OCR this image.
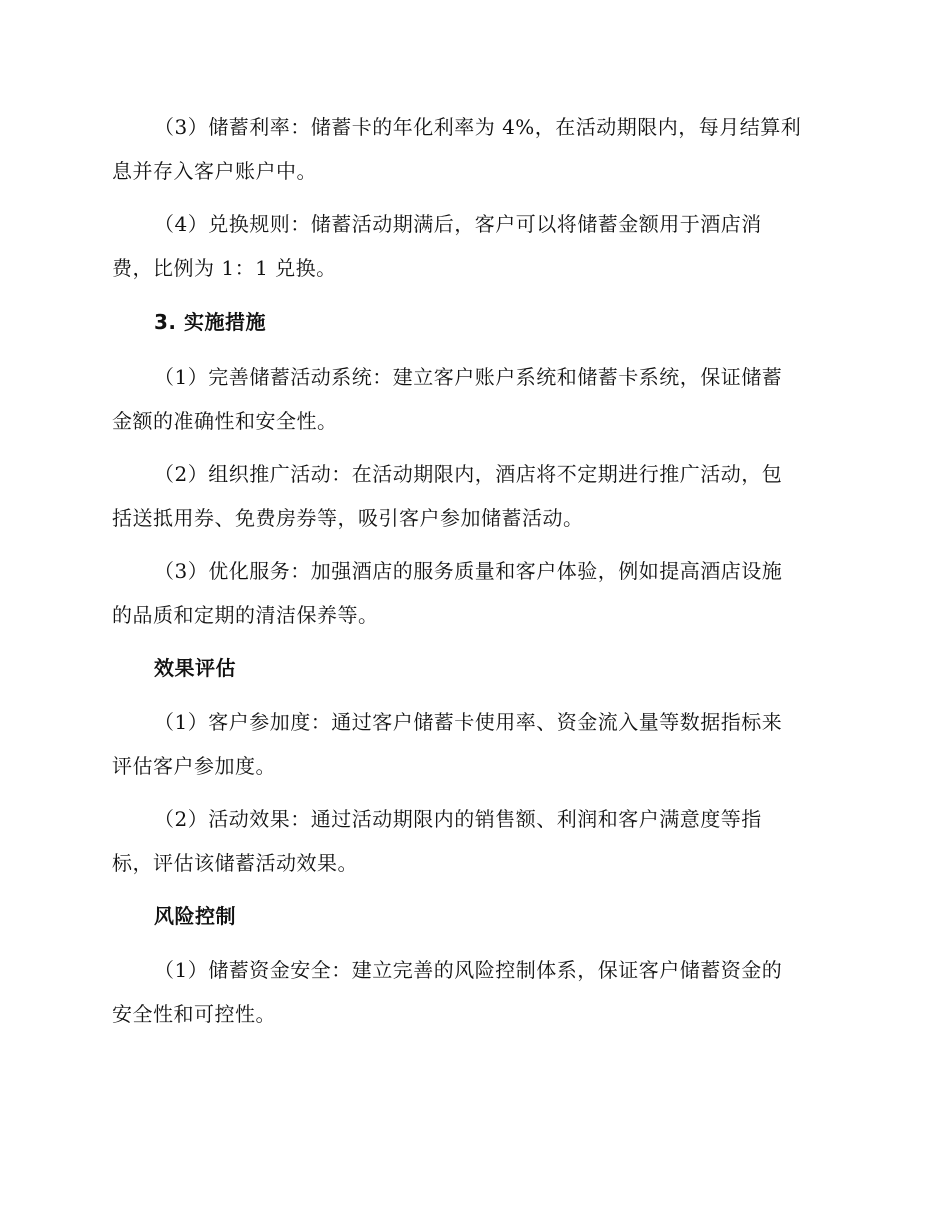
（3）储蓄利率：储蓄卡的年化利率为 4%，在活动期限内，每月结算利
息并存入客户账户中。
（4）兑换规则：储蓄活动期满后，客户可以将储蓄金额用于酒店消
费，比例为 1：1 兑换。
3. 实施措施
（1）完善储蓄活动系统：建立客户账户系统和储蓄卡系统，保证储蓄
金额的准确性和安全性。
（2）组织推广活动：在活动期限内，酒店将不定期进行推广活动，包
括送抵用券、免费房券等，吸引客户参加储蓄活动。
（3）优化服务：加强酒店的服务质量和客户体验，例如提高酒店设施
的品质和定期的清洁保养等。
效果评估
（1）客户参加度：通过客户储蓄卡使用率、资金流入量等数据指标来
评估客户参加度。
（2）活动效果：通过活动期限内的销售额、利润和客户满意度等指
标，评估该储蓄活动效果。
风险控制
（1）储蓄资金安全：建立完善的风险控制体系，保证客户储蓄资金的
安全性和可控性。
